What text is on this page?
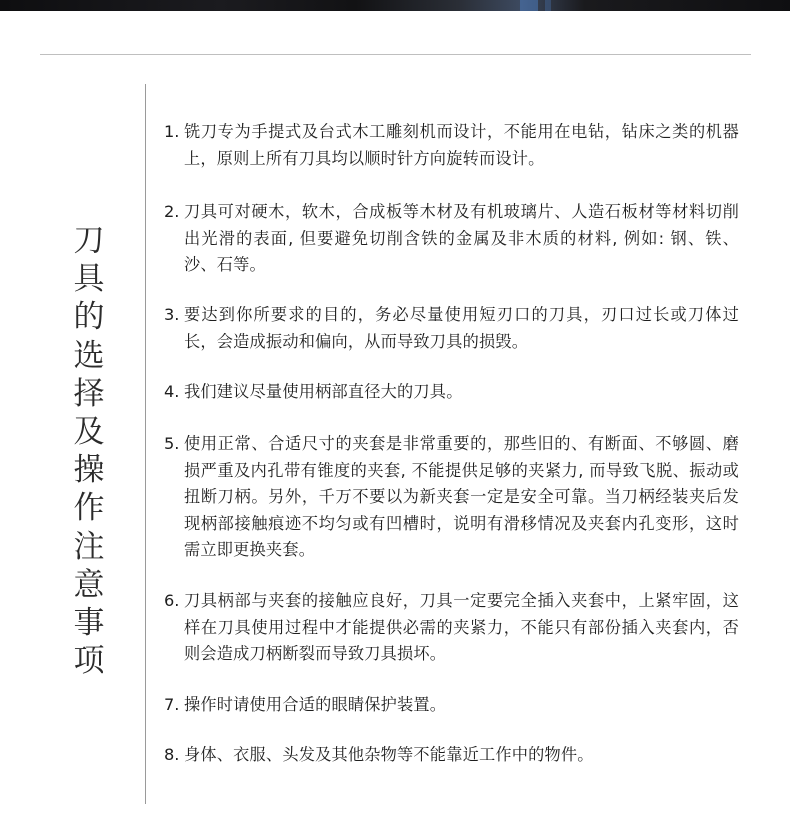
刀
具
的
选
择
及
操
作
注
意
事
项
1. 铣刀专为手提式及台式木工雕刻机而设计，不能用在电钻，钻床之类的机器上，原则上所有刀具均以顺时针方向旋转而设计。
2. 刀具可对硬木，软木，合成板等木材及有机玻璃片、人造石板材等材料切削出光滑的表面, 但要避免切削含铁的金属及非木质的材料, 例如: 钢、铁、沙、石等。
3. 要达到你所要求的目的，务必尽量使用短刃口的刀具，刃口过长或刀体过长，会造成振动和偏向，从而导致刀具的损毁。
4. 我们建议尽量使用柄部直径大的刀具。
5. 使用正常、合适尺寸的夹套是非常重要的，那些旧的、有断面、不够圆、磨损严重及内孔带有锥度的夹套, 不能提供足够的夹紧力, 而导致飞脱、振动或扭断刀柄。另外，千万不要以为新夹套一定是安全可靠。当刀柄经装夹后发现柄部接触痕迹不均匀或有凹槽时，说明有滑移情况及夹套内孔变形，这时需立即更换夹套。
6. 刀具柄部与夹套的接触应良好，刀具一定要完全插入夹套中，上紧牢固，这样在刀具使用过程中才能提供必需的夹紧力，不能只有部份插入夹套内，否则会造成刀柄断裂而导致刀具损坏。
7. 操作时请使用合适的眼睛保护装置。
8. 身体、衣服、头发及其他杂物等不能靠近工作中的物件。
